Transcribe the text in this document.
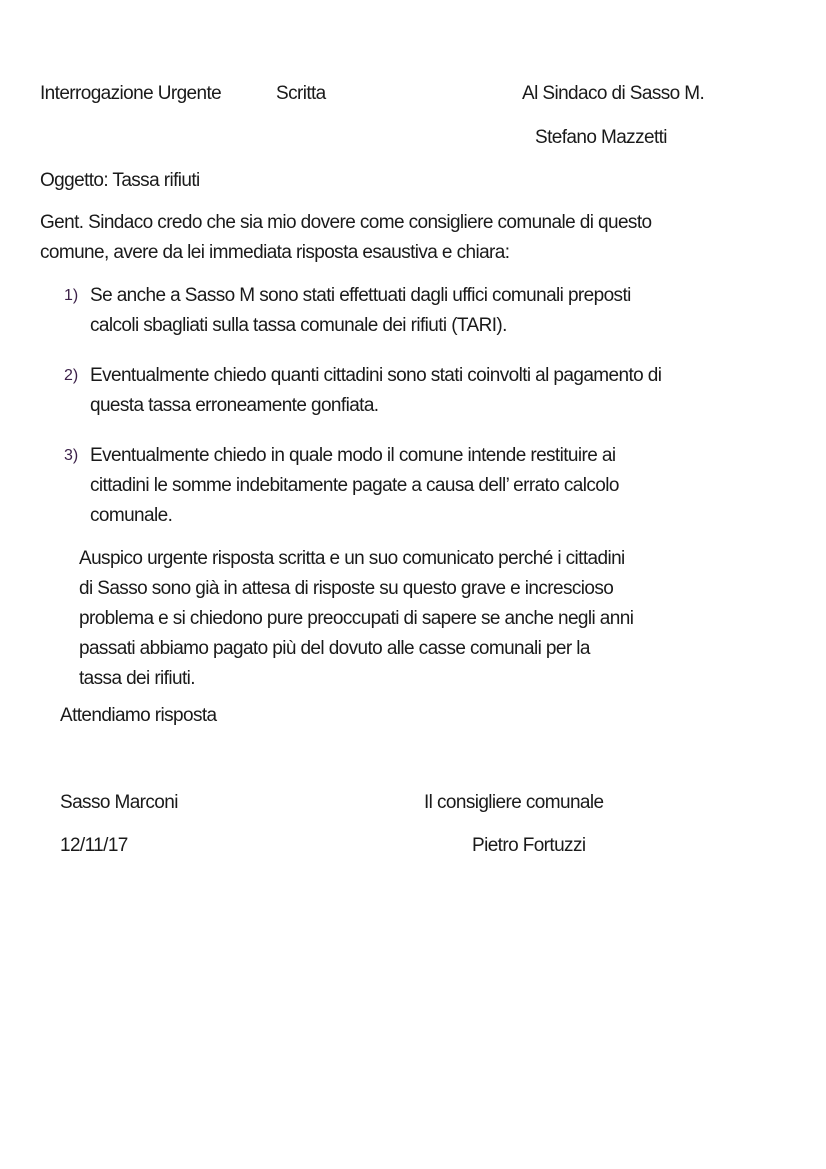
Interrogazione Urgente	Scritta	Al Sindaco di Sasso M.
Stefano Mazzetti
Oggetto: Tassa rifiuti
Gent. Sindaco credo che sia mio dovere come consigliere comunale di questo
comune, avere da lei immediata risposta esaustiva e chiara:
1) Se anche a Sasso M sono stati effettuati dagli uffici comunali preposti
calcoli sbagliati sulla tassa comunale dei rifiuti (TARI).
2) Eventualmente chiedo quanti cittadini sono stati coinvolti al pagamento di
questa tassa erroneamente gonfiata.
3) Eventualmente chiedo in quale modo il comune intende restituire ai
cittadini le somme indebitamente pagate a causa dell’ errato calcolo
comunale.
Auspico urgente risposta scritta e un suo comunicato perché i cittadini
di Sasso sono già in attesa di risposte su questo grave e increscioso
problema e si chiedono pure preoccupati di sapere se anche negli anni
passati abbiamo pagato più del dovuto alle casse comunali per la
tassa dei rifiuti.
Attendiamo risposta
Sasso Marconi
12/11/17
Il consigliere comunale
Pietro Fortuzzi
